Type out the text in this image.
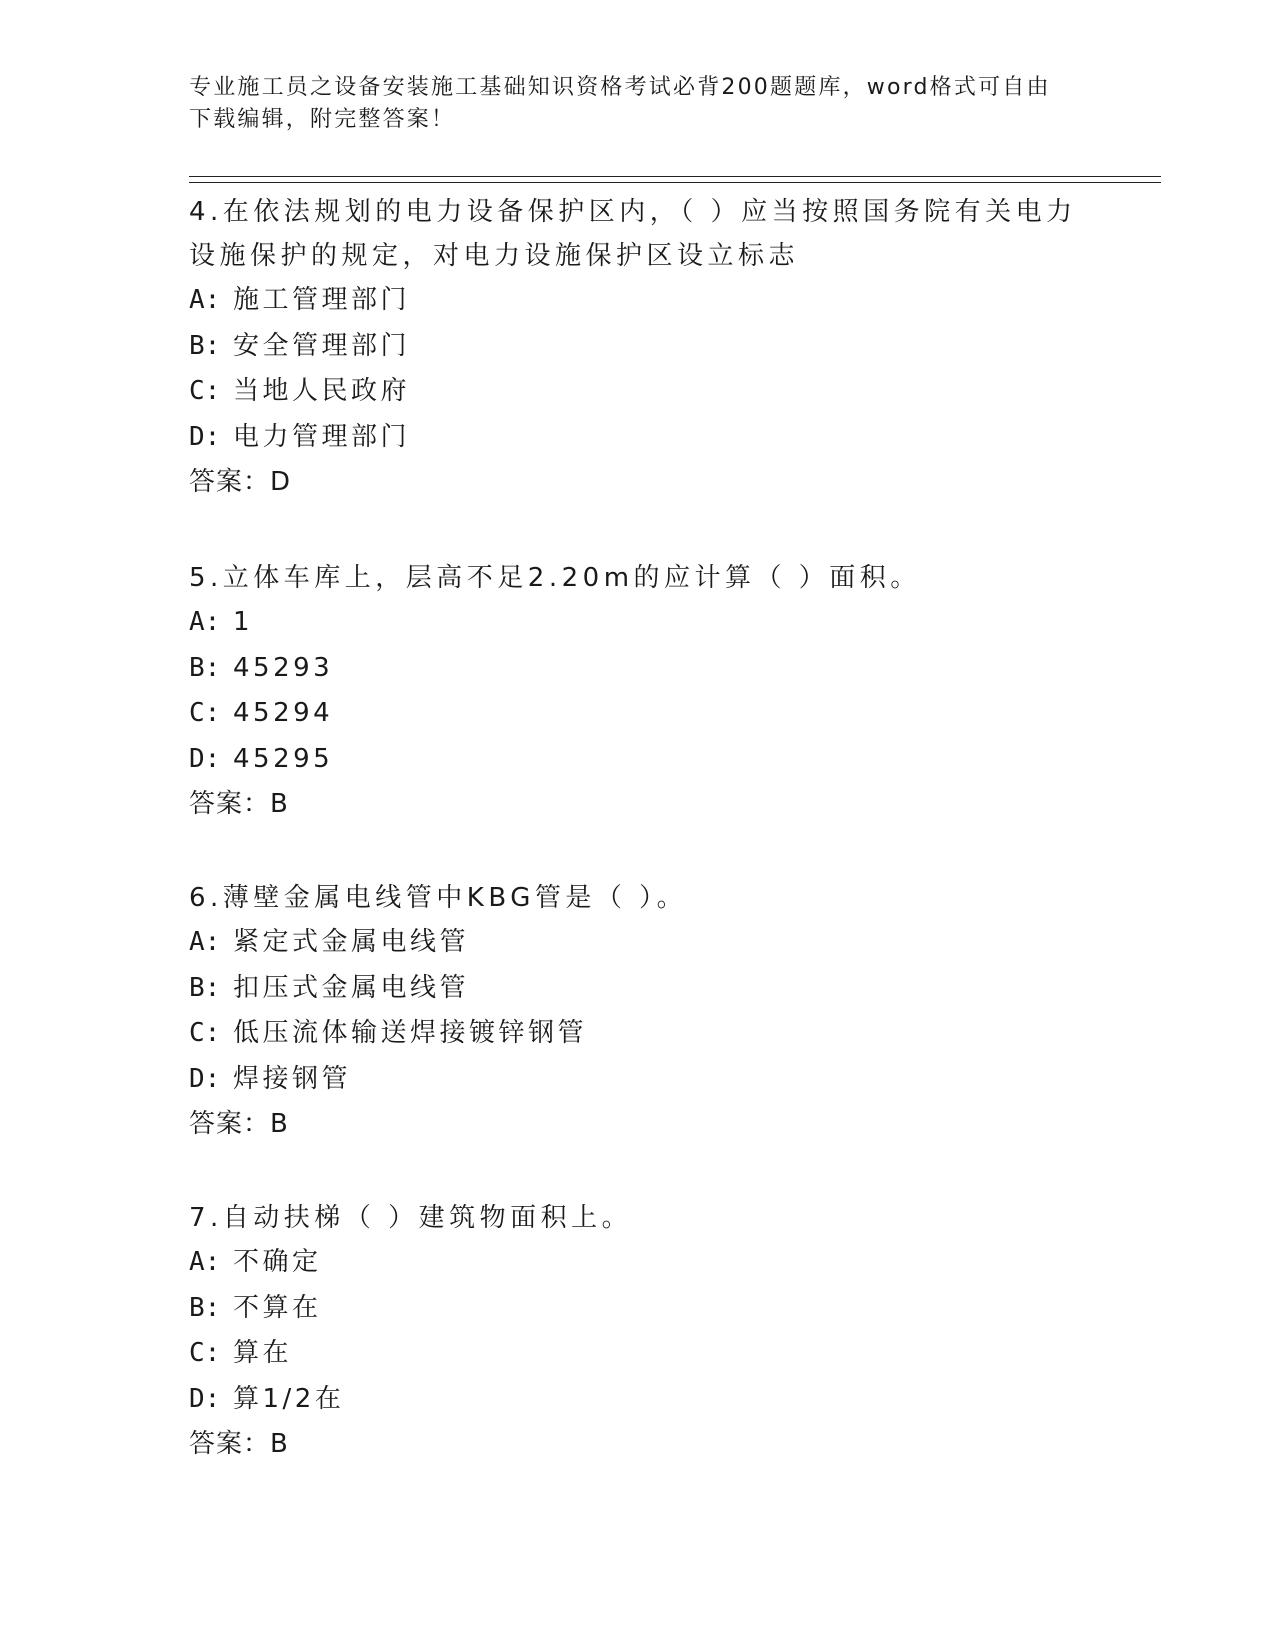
专业施工员之设备安装施工基础知识资格考试必背200题题库，word格式可自由下载编辑，附完整答案！

4.在依法规划的电力设备保护区内，（ ）应当按照国务院有关电力设施保护的规定，对电力设施保护区设立标志

A: 施工管理部门

B: 安全管理部门

C: 当地人民政府

D: 电力管理部门

答案：D

5.立体车库上，层高不足2.20m的应计算（ ）面积。

A: 1

B: 45293

C: 45294

D: 45295

答案：B

6.薄壁金属电线管中KBG管是（ ）。

A: 紧定式金属电线管

B: 扣压式金属电线管

C: 低压流体输送焊接镀锌钢管

D: 焊接钢管

答案：B

7.自动扶梯（ ）建筑物面积上。

A: 不确定

B: 不算在

C: 算在

D: 算1/2在

答案：B
